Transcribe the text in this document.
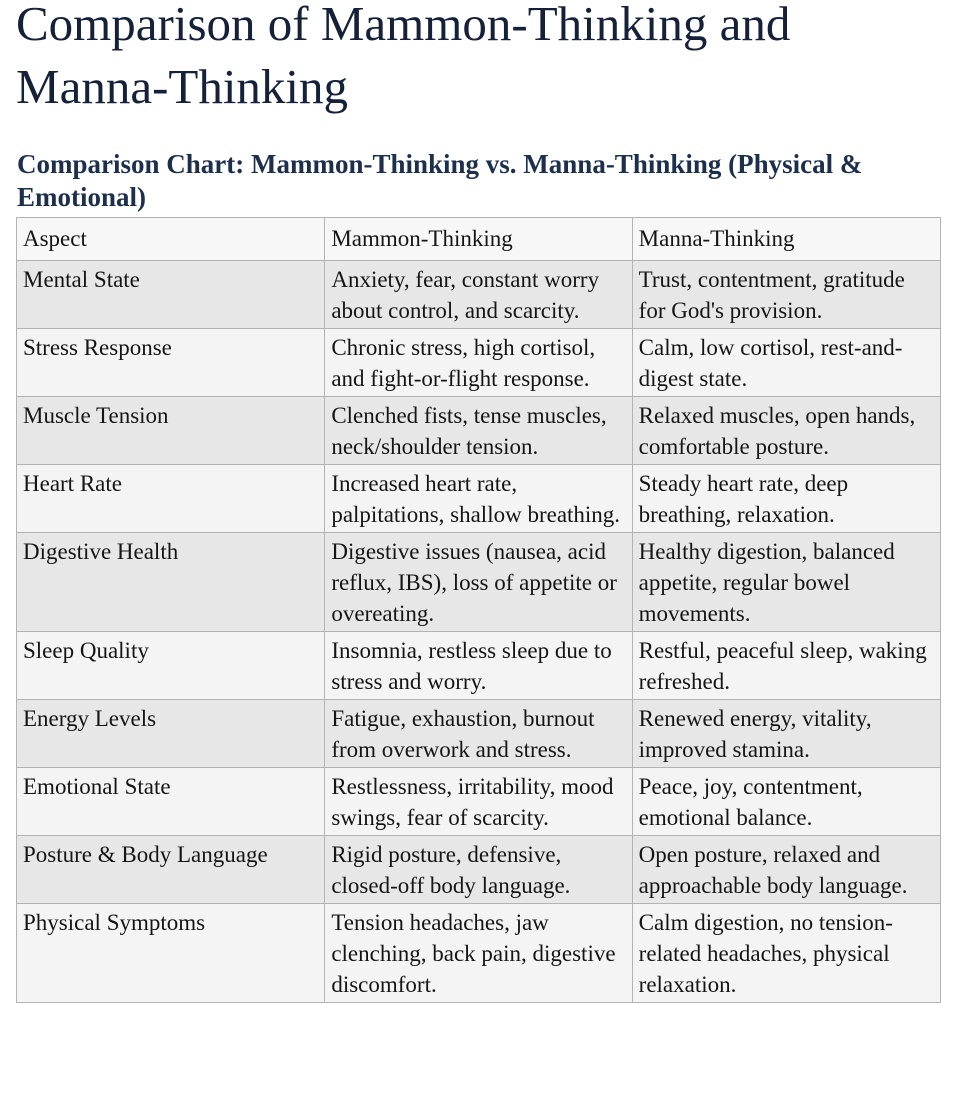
Comparison of Mammon-Thinking and Manna-Thinking
Comparison Chart: Mammon-Thinking vs. Manna-Thinking (Physical & Emotional)
Aspect	Mammon-Thinking	Manna-Thinking
Mental State	Anxiety, fear, constant worry about control, and scarcity.	Trust, contentment, gratitude for God's provision.
Stress Response	Chronic stress, high cortisol, and fight-or-flight response.	Calm, low cortisol, rest-and-digest state.
Muscle Tension	Clenched fists, tense muscles, neck/shoulder tension.	Relaxed muscles, open hands, comfortable posture.
Heart Rate	Increased heart rate, palpitations, shallow breathing.	Steady heart rate, deep breathing, relaxation.
Digestive Health	Digestive issues (nausea, acid reflux, IBS), loss of appetite or overeating.	Healthy digestion, balanced appetite, regular bowel movements.
Sleep Quality	Insomnia, restless sleep due to stress and worry.	Restful, peaceful sleep, waking refreshed.
Energy Levels	Fatigue, exhaustion, burnout from overwork and stress.	Renewed energy, vitality, improved stamina.
Emotional State	Restlessness, irritability, mood swings, fear of scarcity.	Peace, joy, contentment, emotional balance.
Posture & Body Language	Rigid posture, defensive, closed-off body language.	Open posture, relaxed and approachable body language.
Physical Symptoms	Tension headaches, jaw clenching, back pain, digestive discomfort.	Calm digestion, no tension-related headaches, physical relaxation.
